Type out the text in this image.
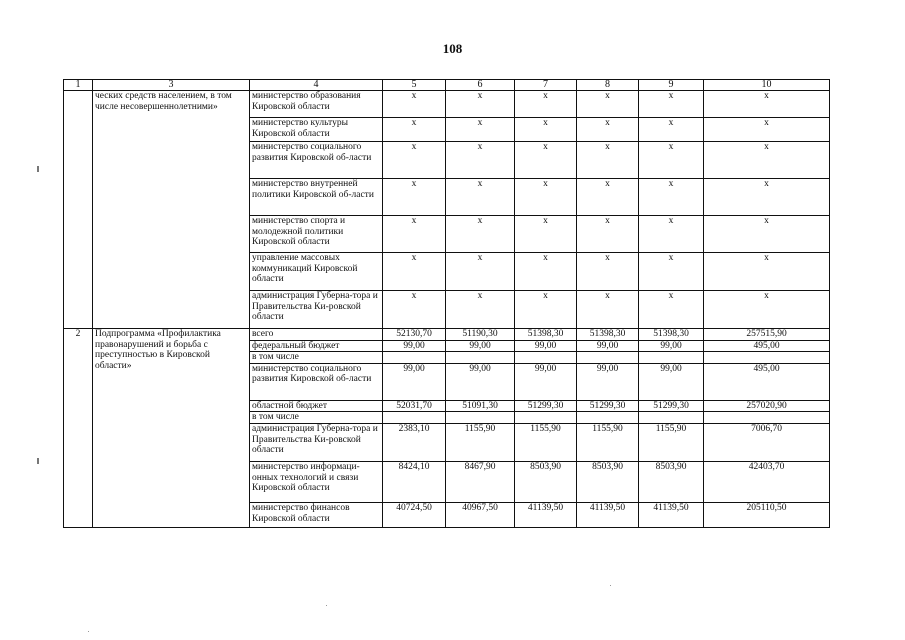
108
1	3	4	5	6	7	8	9	10
	ческих средств населением, в том числе несовершеннолетними»	министерство образования Кировской области	х	х	х	х	х	х
		министерство культуры Кировской области	х	х	х	х	х	х
		министерство социального развития Кировской об-ласти	х	х	х	х	х	х
		министерство внутренней политики Кировской об-ласти	х	х	х	х	х	х
		министерство спорта и молодежной политики Кировской области	х	х	х	х	х	х
		управление массовых коммуникаций Кировской области	х	х	х	х	х	х
		администрация Губерна-тора и Правительства Ки-ровской области	х	х	х	х	х	х
2	Подпрограмма «Профилактика правонарушений и борьба с преступностью в Кировской области»	всего	52130,70	51190,30	51398,30	51398,30	51398,30	257515,90
		федеральный бюджет	99,00	99,00	99,00	99,00	99,00	495,00
		в том числе						
		министерство социального развития Кировской об-ласти	99,00	99,00	99,00	99,00	99,00	495,00
		областной бюджет	52031,70	51091,30	51299,30	51299,30	51299,30	257020,90
		в том числе						
		администрация Губерна-тора и Правительства Ки-ровской области	2383,10	1155,90	1155,90	1155,90	1155,90	7006,70
		министерство информаци-онных технологий и связи Кировской области	8424,10	8467,90	8503,90	8503,90	8503,90	42403,70
		министерство финансов Кировской области	40724,50	40967,50	41139,50	41139,50	41139,50	205110,50
